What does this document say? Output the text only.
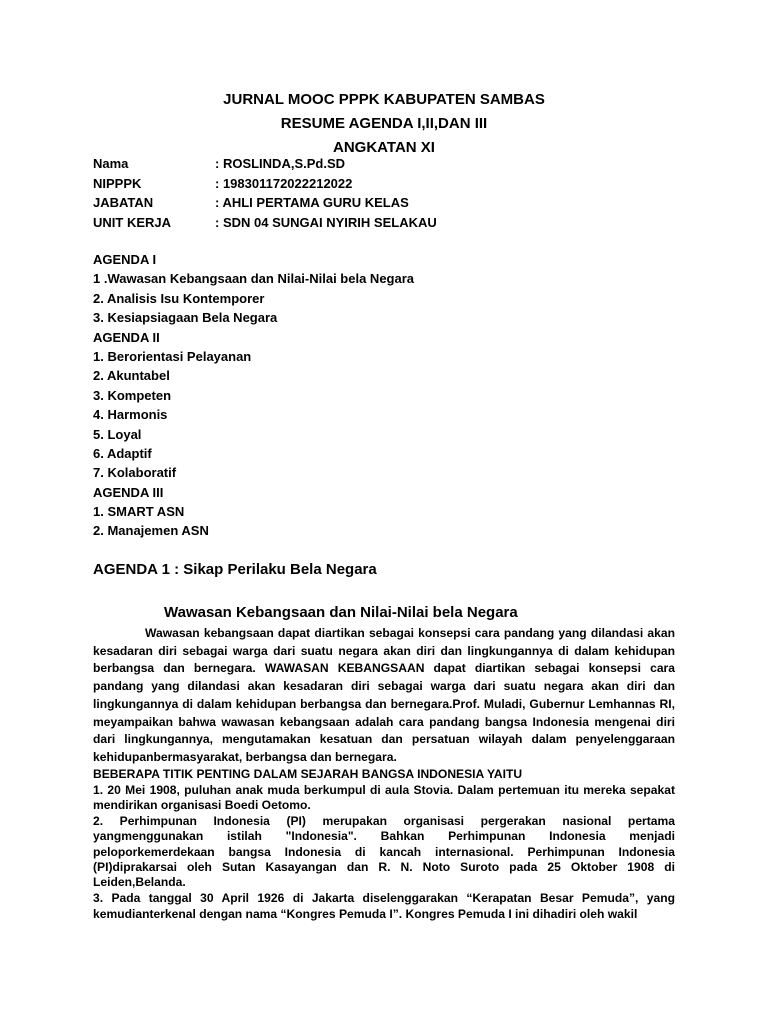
JURNAL MOOC PPPK KABUPATEN SAMBAS
RESUME AGENDA I,II,DAN III
ANGKATAN XI
Nama	: ROSLINDA,S.Pd.SD
NIPPPK	: 198301172022212022
JABATAN	: AHLI PERTAMA GURU KELAS
UNIT KERJA	: SDN 04 SUNGAI NYIRIH SELAKAU
AGENDA I
1 .Wawasan Kebangsaan dan Nilai-Nilai bela Negara
2. Analisis Isu Kontemporer
3. Kesiapsiagaan Bela Negara
AGENDA II
1. Berorientasi Pelayanan
2. Akuntabel
3. Kompeten
4. Harmonis
5. Loyal
6. Adaptif
7. Kolaboratif
AGENDA III
1. SMART ASN
2. Manajemen ASN
AGENDA 1 : Sikap Perilaku Bela Negara
Wawasan Kebangsaan dan Nilai-Nilai bela Negara

Wawasan kebangsaan dapat diartikan sebagai konsepsi cara pandang yang dilandasi akan kesadaran diri sebagai warga dari suatu negara akan diri dan lingkungannya di dalam kehidupan berbangsa dan bernegara. WAWASAN KEBANGSAAN dapat diartikan sebagai konsepsi cara pandang yang dilandasi akan kesadaran diri sebagai warga dari suatu negara akan diri dan lingkungannya di dalam kehidupan berbangsa dan bernegara.Prof. Muladi, Gubernur Lemhannas RI, meyampaikan bahwa wawasan kebangsaan adalah cara pandang bangsa Indonesia mengenai diri dari lingkungannya, mengutamakan kesatuan dan persatuan wilayah dalam penyelenggaraan kehidupanbermasyarakat, berbangsa dan bernegara.

BEBERAPA TITIK PENTING DALAM SEJARAH BANGSA INDONESIA YAITU

1. 20 Mei 1908, puluhan anak muda berkumpul di aula Stovia. Dalam pertemuan itu mereka sepakat mendirikan organisasi Boedi Oetomo.

2. Perhimpunan Indonesia (PI) merupakan organisasi pergerakan nasional pertama yangmenggunakan istilah "Indonesia". Bahkan Perhimpunan Indonesia menjadi peloporkemerdekaan bangsa Indonesia di kancah internasional. Perhimpunan Indonesia (PI)diprakarsai oleh Sutan Kasayangan dan R. N. Noto Suroto pada 25 Oktober 1908 di Leiden,Belanda.

3. Pada tanggal 30 April 1926 di Jakarta diselenggarakan “Kerapatan Besar Pemuda”, yang kemudianterkenal dengan nama “Kongres Pemuda I”. Kongres Pemuda I ini dihadiri oleh wakil
